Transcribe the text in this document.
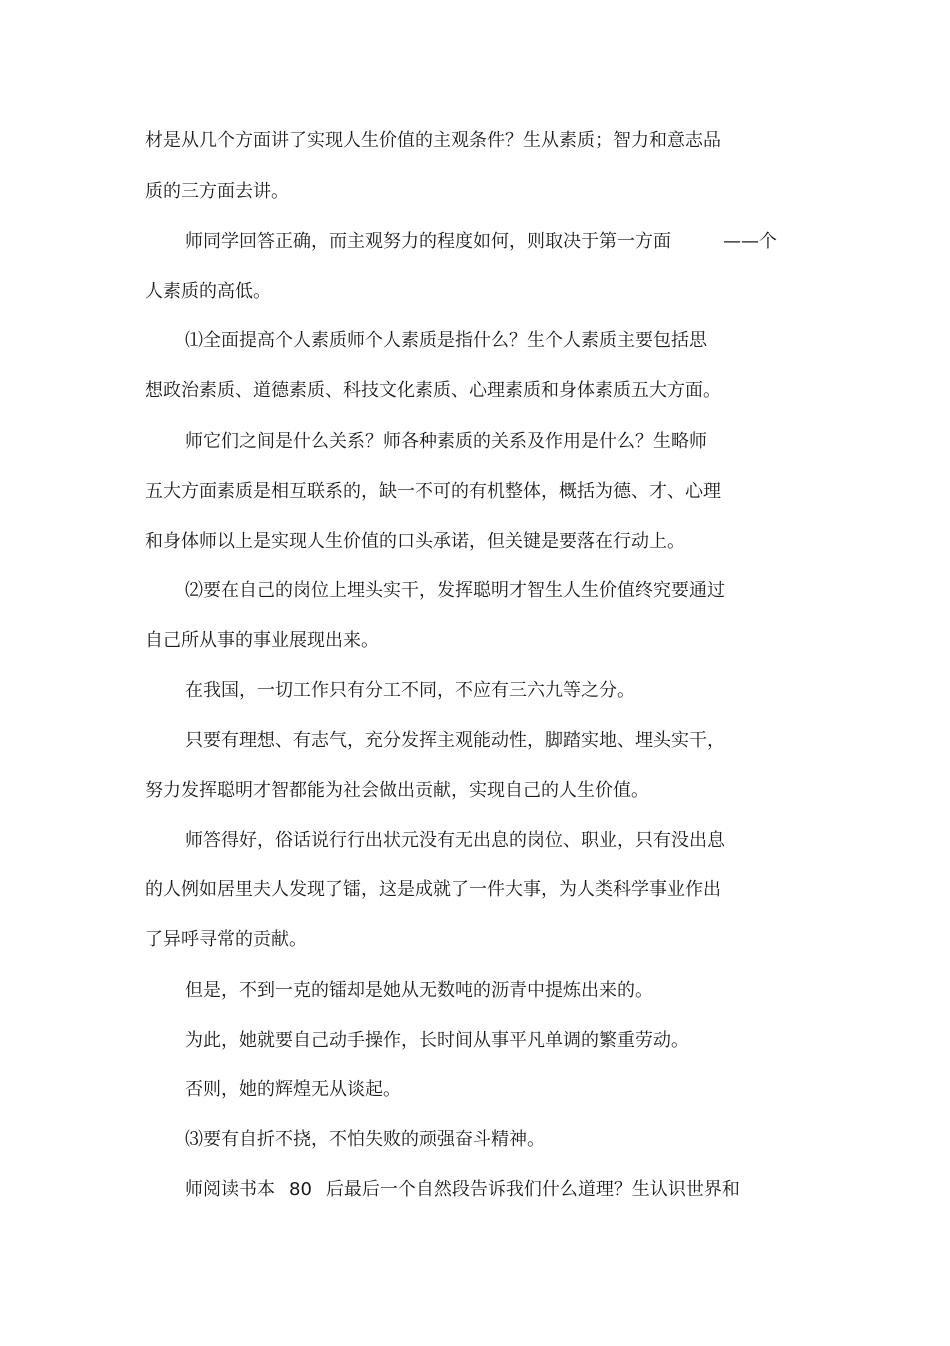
材是从几个方面讲了实现人生价值的主观条件？生从素质；智力和意志品
质的三方面去讲。
师同学回答正确，而主观努力的程度如何，则取决于第一方面	——个
人素质的高低。
⑴全面提高个人素质师个人素质是指什么？生个人素质主要包括思
想政治素质、道德素质、科技文化素质、心理素质和身体素质五大方面。
师它们之间是什么关系？师各种素质的关系及作用是什么？生略师
五大方面素质是相互联系的，缺一不可的有机整体，概括为德、才、心理
和身体师以上是实现人生价值的口头承诺，但关键是要落在行动上。
⑵要在自己的岗位上埋头实干，发挥聪明才智生人生价值终究要通过
自己所从事的事业展现出来。
在我国，一切工作只有分工不同，不应有三六九等之分。
只要有理想、有志气，充分发挥主观能动性，脚踏实地、埋头实干，
努力发挥聪明才智都能为社会做出贡献，实现自己的人生价值。
师答得好，俗话说行行出状元没有无出息的岗位、职业，只有没出息
的人例如居里夫人发现了镭，这是成就了一件大事，为人类科学事业作出
了异呼寻常的贡献。
但是，不到一克的镭却是她从无数吨的沥青中提炼出来的。
为此，她就要自己动手操作，长时间从事平凡单调的繁重劳动。
否则，她的辉煌无从谈起。
⑶要有自折不挠，不怕失败的顽强奋斗精神。
师阅读书本 80 后最后一个自然段告诉我们什么道理？生认识世界和
